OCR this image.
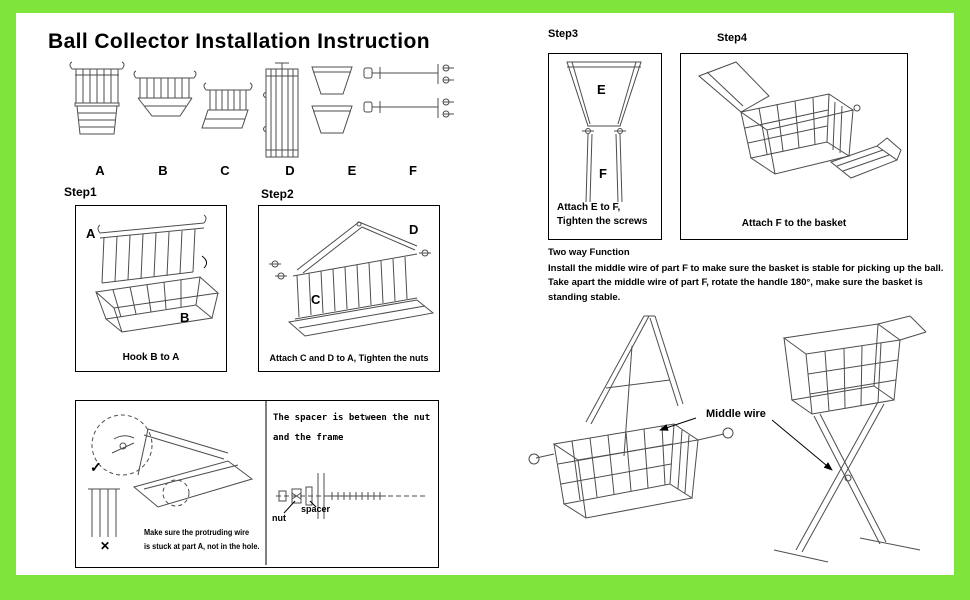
Ball Collector Installation Instruction
A	B	C	D	E	F
Step1
A
B
Hook B to A
Step2
D
C
Attach C and D to A, Tighten the nuts
Step3
E
F
Attach E to F,
Tighten the screws
Step4
Attach F to the basket
Two way Function
Install the middle wire of part F to make sure the basket is stable for picking up the ball.
Take apart the middle wire of part F, rotate the handle 180°, make sure the basket is standing stable.
✓
✕
Make sure the protruding wire
is stuck at part A, not in the hole.
The spacer is between the nut
and the frame
spacer
nut
Middle wire
